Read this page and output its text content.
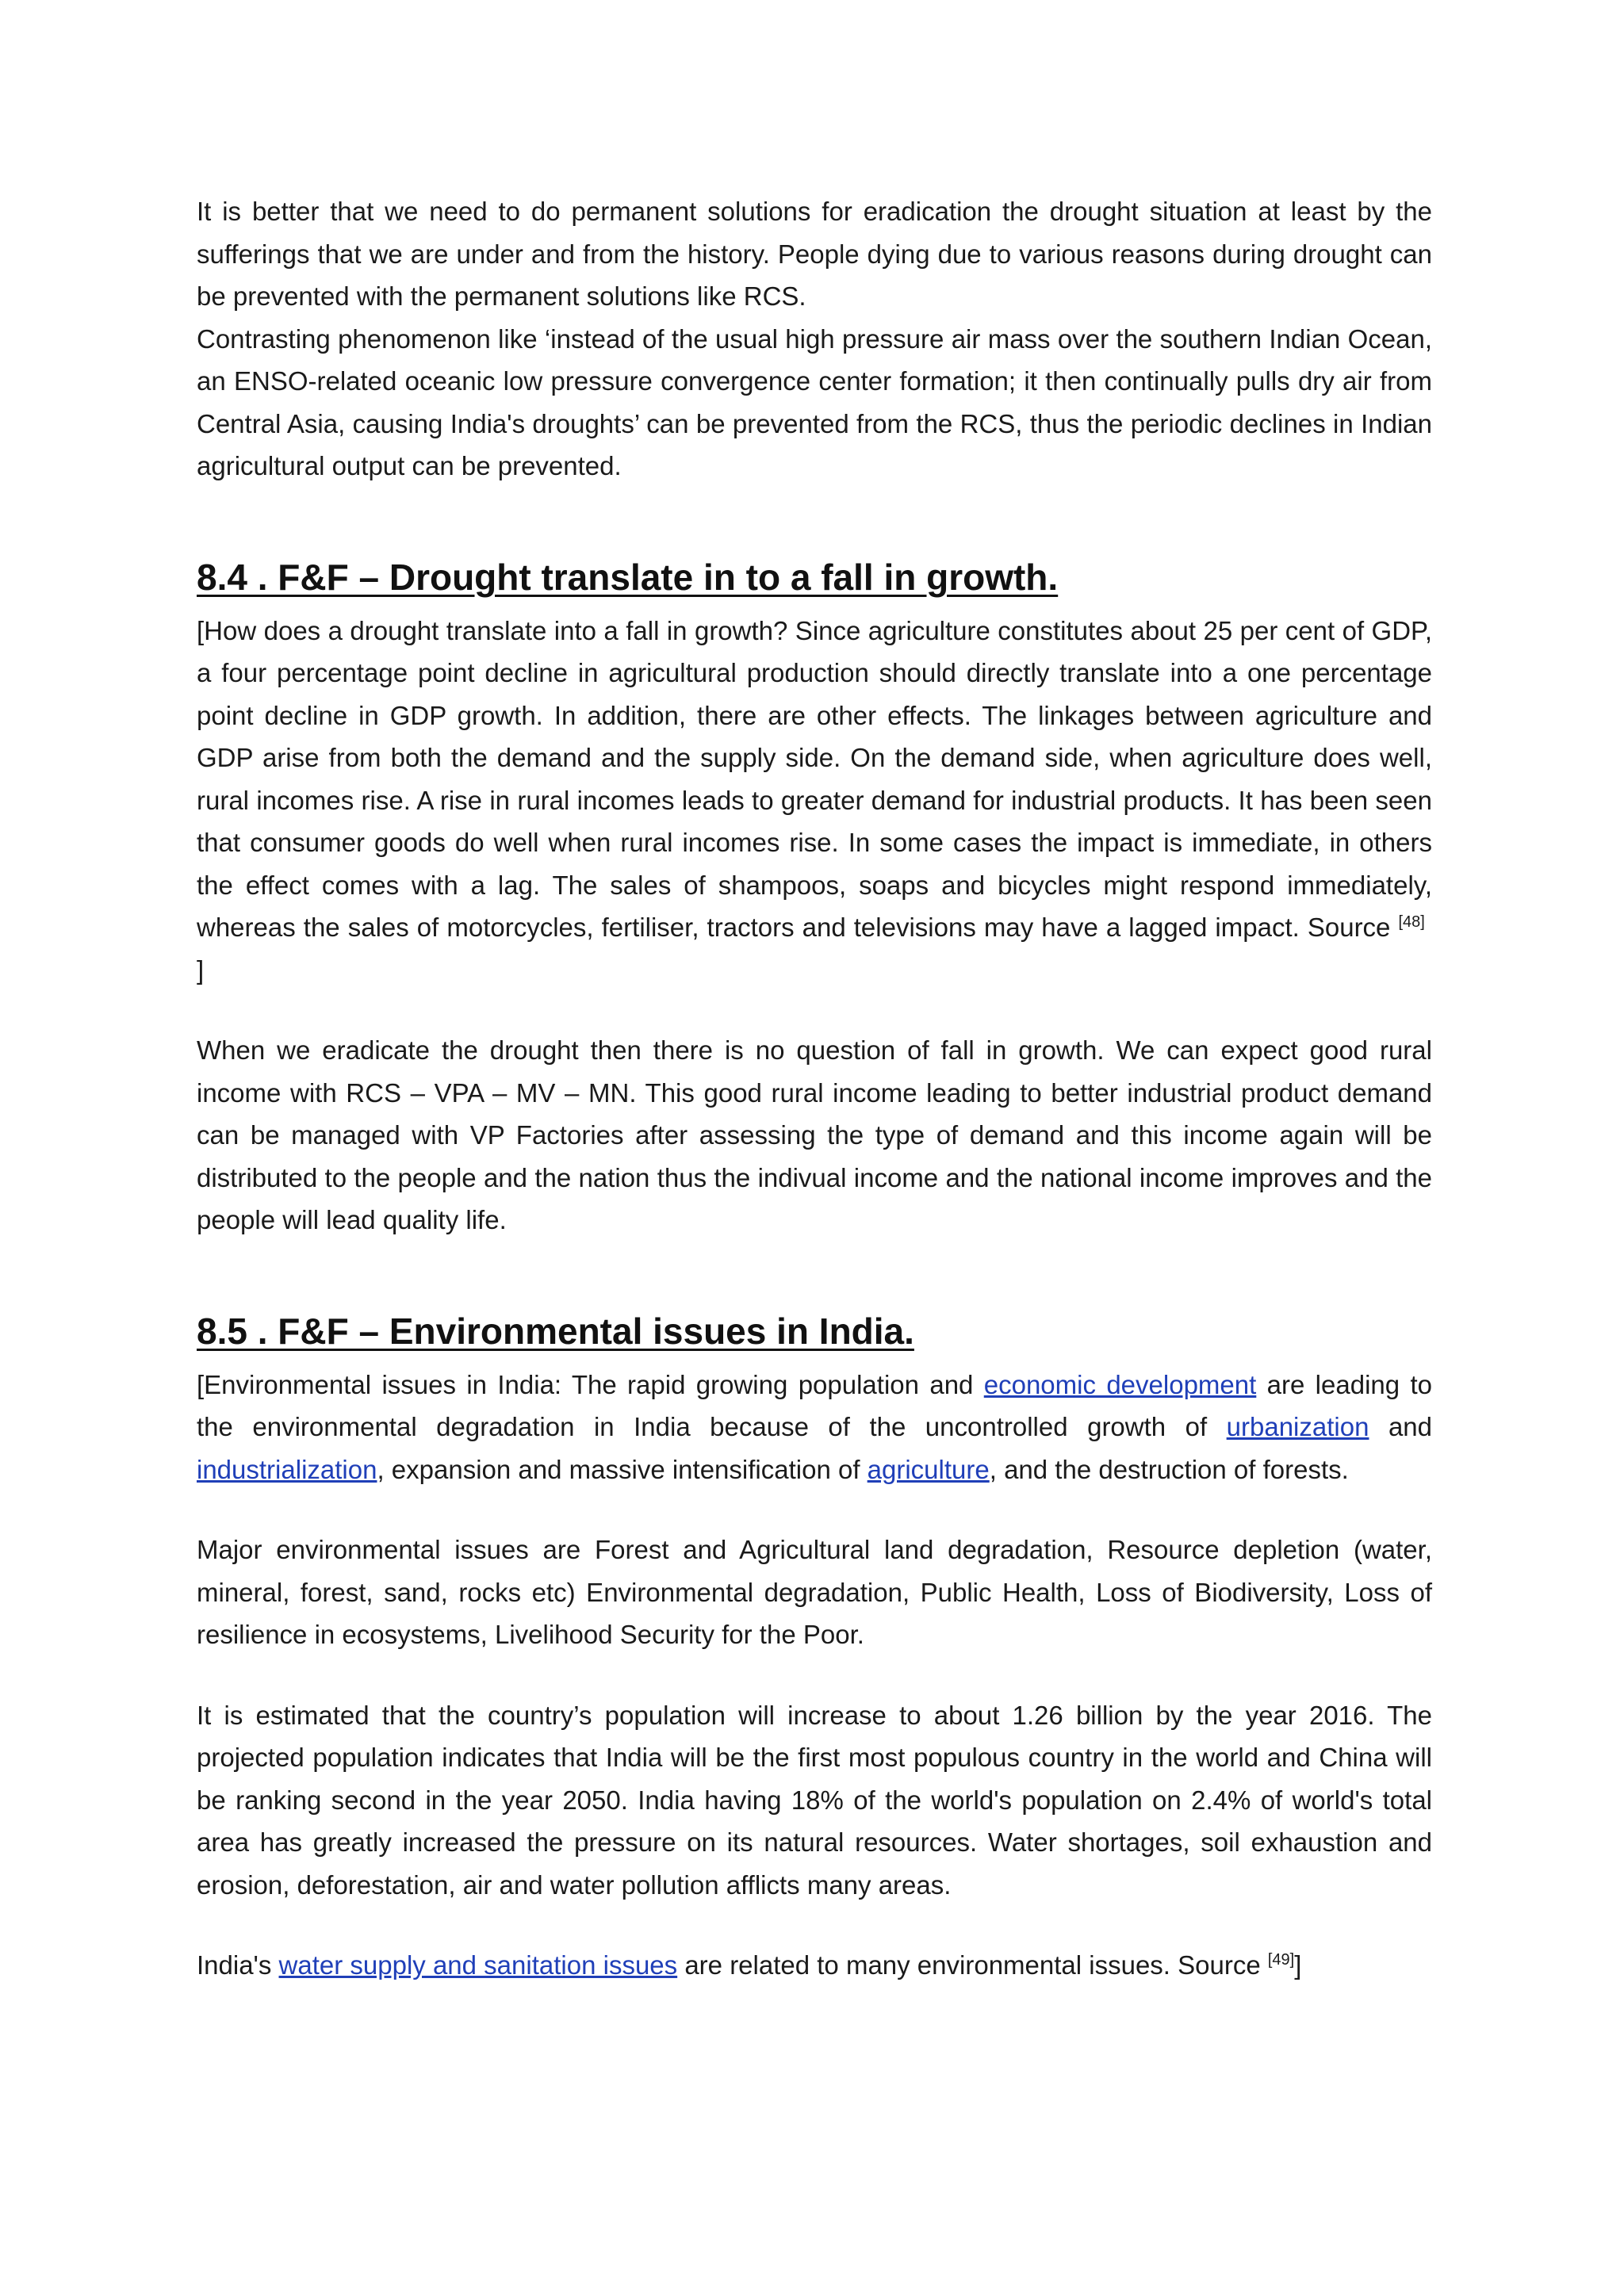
It is better that we need to do permanent solutions for eradication the drought situation at least by the sufferings that we are under and from the history. People dying due to various reasons during drought can be prevented with the permanent solutions like RCS.

Contrasting phenomenon like ‘instead of the usual high pressure air mass over the southern Indian Ocean, an ENSO-related oceanic low pressure convergence center formation; it then continually pulls dry air from Central Asia, causing India's droughts’ can be prevented from the RCS, thus the periodic declines in Indian agricultural output can be prevented.

8.4 . F&F – Drought translate in to a fall in growth.

[How does a drought translate into a fall in growth? Since agriculture constitutes about 25 per cent of GDP, a four percentage point decline in agricultural production should directly translate into a one percentage point decline in GDP growth. In addition, there are other effects. The linkages between agriculture and GDP arise from both the demand and the supply side. On the demand side, when agriculture does well, rural incomes rise. A rise in rural incomes leads to greater demand for industrial products. It has been seen that consumer goods do well when rural incomes rise. In some cases the impact is immediate, in others the effect comes with a lag. The sales of shampoos, soaps and bicycles might respond immediately, whereas the sales of motorcycles, fertiliser, tractors and televisions may have a lagged impact. Source [48]  ]

When we eradicate the drought then there is no question of fall in growth. We can expect good rural income with RCS – VPA – MV – MN. This good rural income leading to better industrial product demand can be managed with VP Factories after assessing the type of demand and this income again will be distributed to the people and the nation thus the indivual income and the national income improves and the people will lead quality life.

8.5 . F&F – Environmental issues in India.

[Environmental issues in India: The rapid growing population and economic development are leading to the environmental degradation in India because of the uncontrolled growth of urbanization and industrialization, expansion and massive intensification of agriculture, and the destruction of forests.

Major environmental issues are Forest and Agricultural land degradation, Resource depletion (water, mineral, forest, sand, rocks etc) Environmental degradation, Public Health, Loss of Biodiversity, Loss of resilience in ecosystems, Livelihood Security for the Poor.

It is estimated that the country’s population will increase to about 1.26 billion by the year 2016. The projected population indicates that India will be the first most populous country in the world and China will be ranking second in the year 2050. India having 18% of the world's population on 2.4% of world's total area has greatly increased the pressure on its natural resources. Water shortages, soil exhaustion and erosion, deforestation, air and water pollution afflicts many areas.

India's water supply and sanitation issues are related to many environmental issues. Source [49]]
